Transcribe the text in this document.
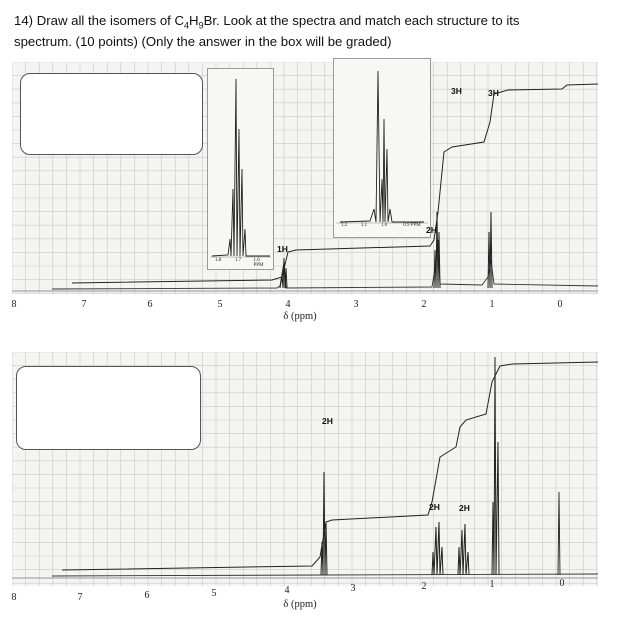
14) Draw all the isomers of $C_4H_9Br$. Look at the spectra and match each structure to its
spectrum. (10 points) (Only the answer in the box will be graded)
1.8	1.7 1.6 PPM
1.2	1.1	1.0	0.9 PPM
1H
2H
3H	3H
8	7	6	5	4	3	2	1	0
δ (ppm)
2H
2H 2H
8	7	6	5	4	3	2	1	0
δ (ppm)
